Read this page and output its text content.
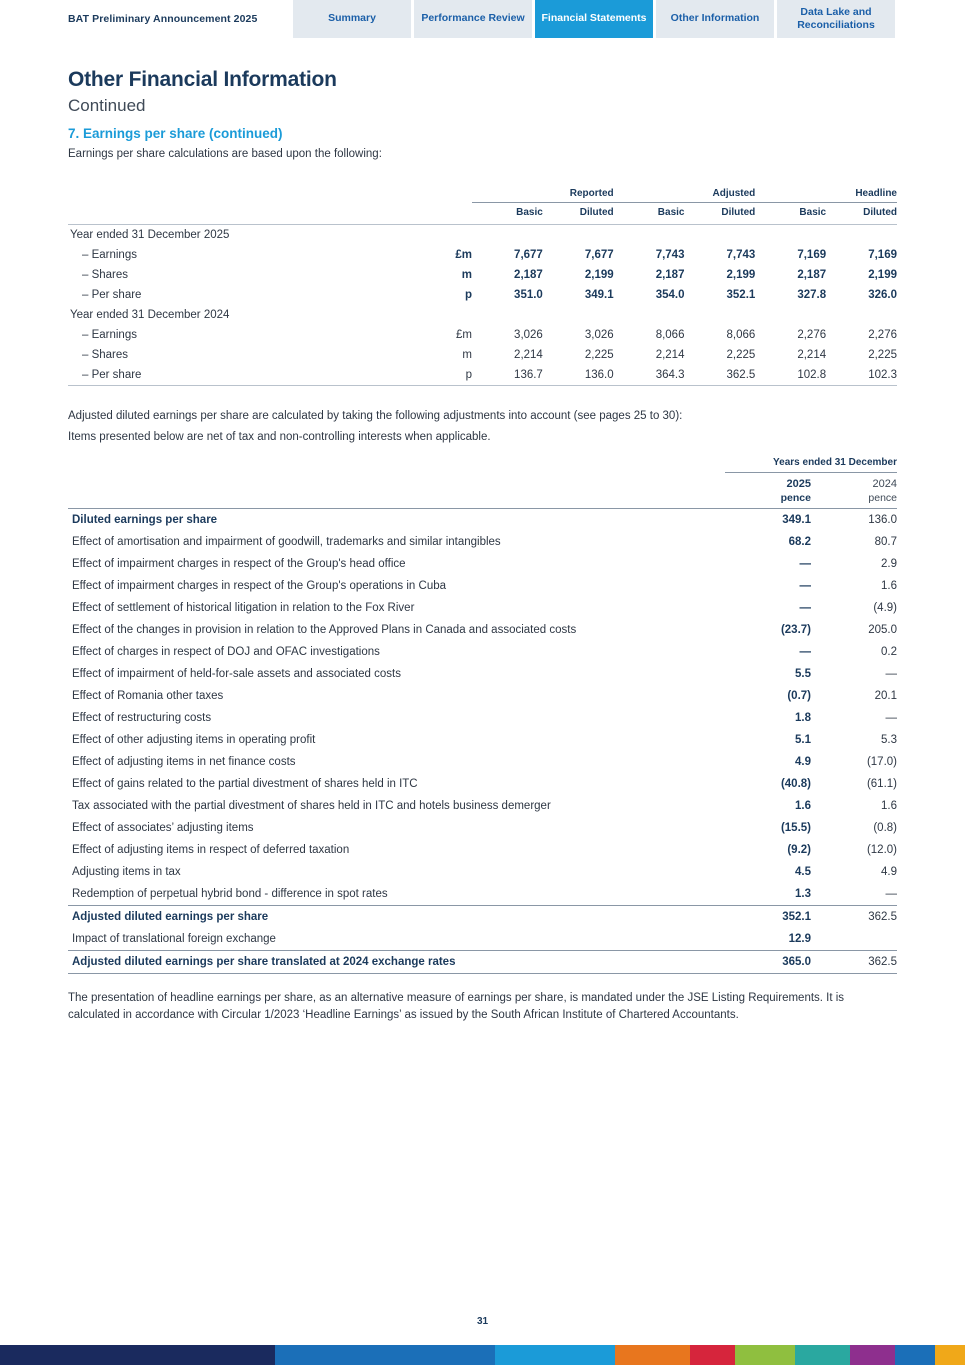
BAT Preliminary Announcement 2025	Summary	Performance Review	Financial Statements	Other Information
Data Lake and Reconciliations
Other Financial Information
Continued
7. Earnings per share (continued)
Earnings per share calculations are based upon the following:
		Reported		Adjusted		Headline	
		Basic	Diluted	Basic	Diluted	Basic	Diluted

Year ended 31 December 2025							
– Earnings	£m	7,677	7,677	7,743	7,743	7,169	7,169
– Shares	m	2,187	2,199	2,187	2,199	2,187	2,199
– Per share	p	351.0	349.1	354.0	352.1	327.8	326.0
Year ended 31 December 2024							
– Earnings	£m	3,026	3,026	8,066	8,066	2,276	2,276
– Shares	m	2,214	2,225	2,214	2,225	2,214	2,225
– Per share	p	136.7	136.0	364.3	362.5	102.8	102.3

Adjusted diluted earnings per share are calculated by taking the following adjustments into account (see pages 25 to 30):
Items presented below are net of tax and non-controlling interests when applicable.
	Years ended 31 December	

	2025	2024
	pence	pence
Diluted earnings per share	349.1	136.0
Effect of amortisation and impairment of goodwill, trademarks and similar intangibles	68.2	80.7
Effect of impairment charges in respect of the Group's head office	—	2.9
Effect of impairment charges in respect of the Group's operations in Cuba	—	1.6
Effect of settlement of historical litigation in relation to the Fox River	—	(4.9)
Effect of the changes in provision in relation to the Approved Plans in Canada and associated costs	(23.7)	205.0
Effect of charges in respect of DOJ and OFAC investigations	—	0.2
Effect of impairment of held-for-sale assets and associated costs	5.5	—
Effect of Romania other taxes	(0.7)	20.1
Effect of restructuring costs	1.8	—
Effect of other adjusting items in operating profit	5.1	5.3
Effect of adjusting items in net finance costs	4.9	(17.0)
Effect of gains related to the partial divestment of shares held in ITC	(40.8)	(61.1)
Tax associated with the partial divestment of shares held in ITC and hotels business demerger	1.6	1.6
Effect of associates’ adjusting items	(15.5)	(0.8)
Effect of adjusting items in respect of deferred taxation	(9.2)	(12.0)
Adjusting items in tax	4.5	4.9
Redemption of perpetual hybrid bond - difference in spot rates	1.3	—
Adjusted diluted earnings per share	352.1	362.5
Impact of translational foreign exchange	12.9	
Adjusted diluted earnings per share translated at 2024 exchange rates	365.0	362.5
The presentation of headline earnings per share, as an alternative measure of earnings per share, is mandated under the JSE Listing Requirements. It is calculated in accordance with Circular 1/2023 ‘Headline Earnings’ as issued by the South African Institute of Chartered Accountants.
31
